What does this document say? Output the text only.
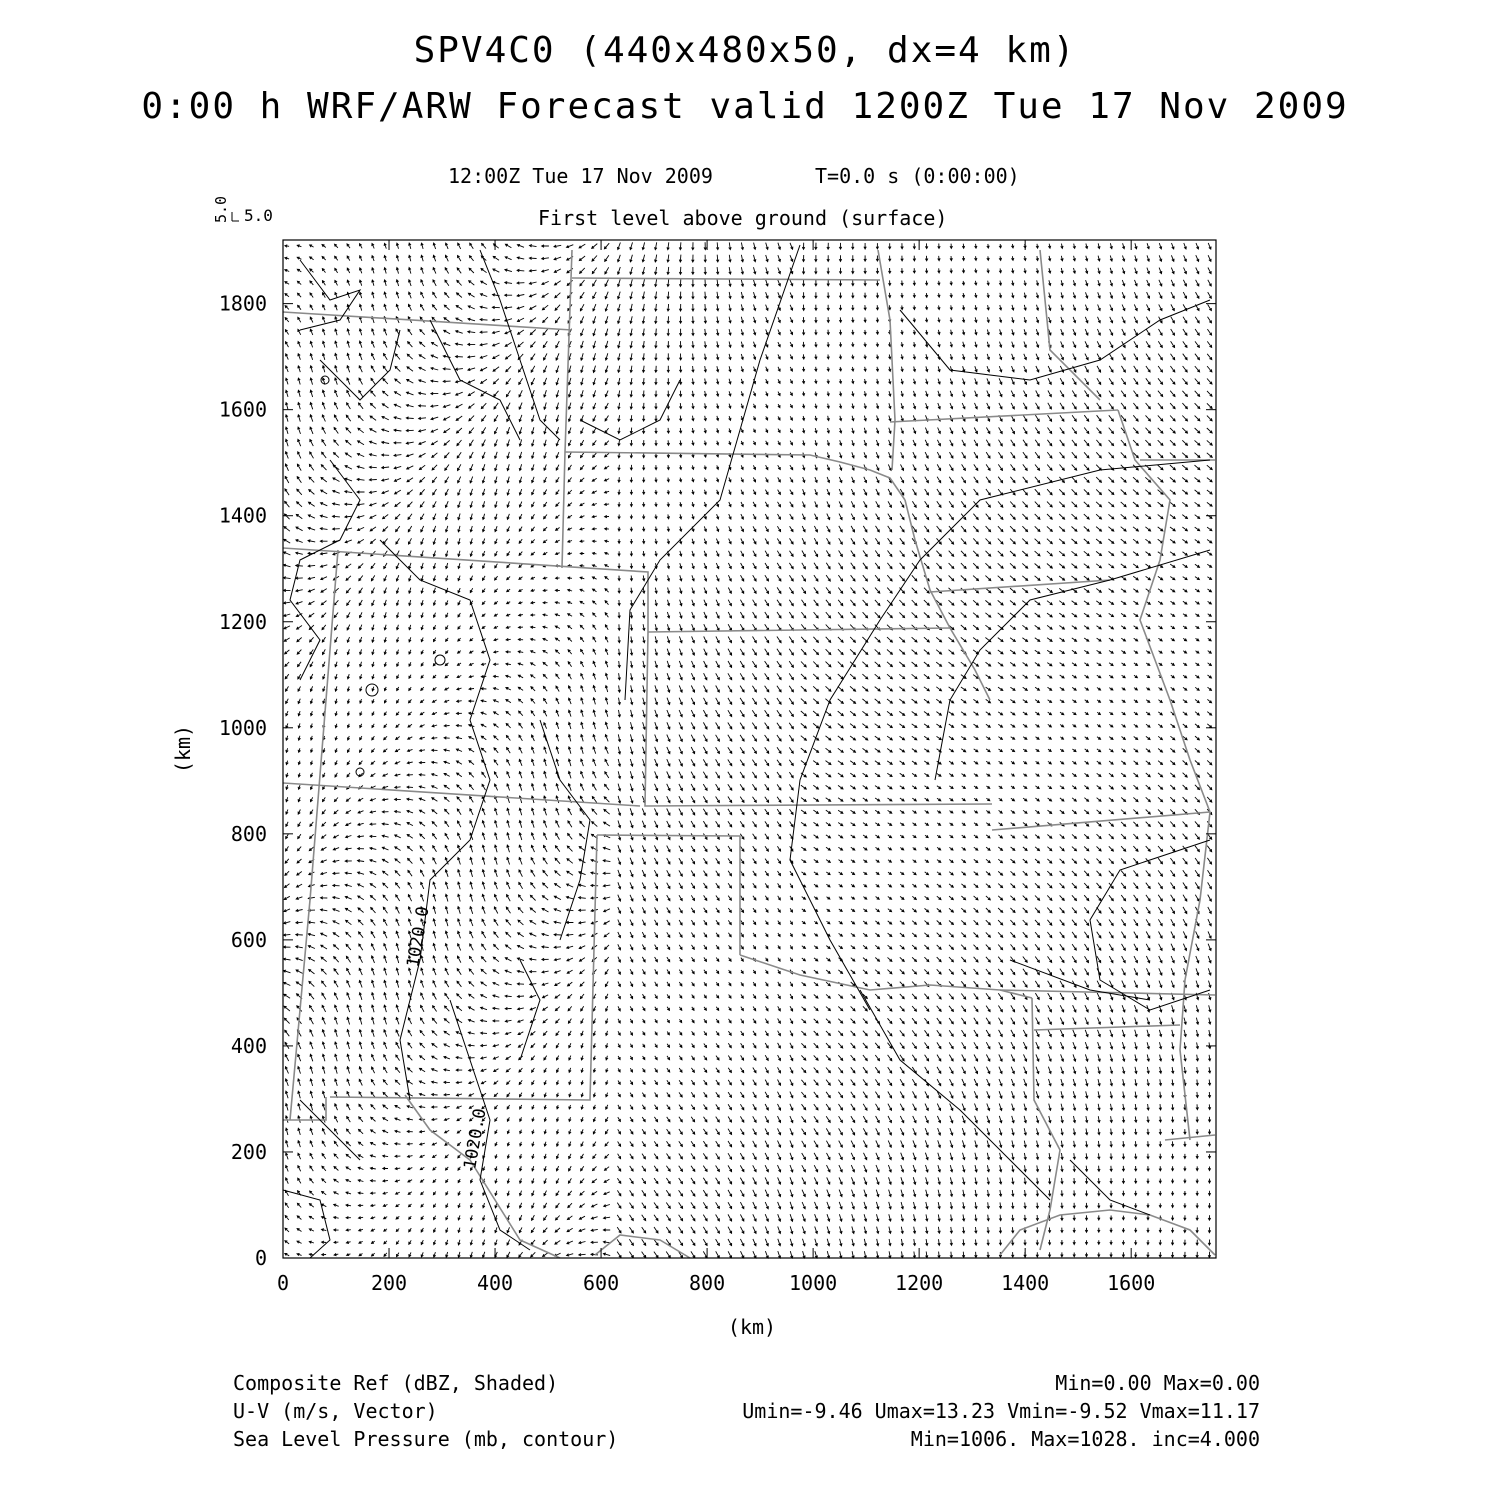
SPV4C0 (440x480x50, dx=4 km)
0:00 h WRF/ARW Forecast valid 1200Z Tue 17 Nov 2009
12:00Z Tue 17 Nov 2009	T=0.0 s (0:00:00)
First level above ground (surface)
5.0 5.0
1020.0
1020.0
0	200	400	600	800	1000	1200	1400	1600
0
200
400
600
800
1000
1200
1400
1600
1800
(km)
(km)
Composite Ref (dBZ, Shaded)	Min=0.00 Max=0.00
U-V (m/s, Vector)	Umin=-9.46 Umax=13.23 Vmin=-9.52 Vmax=11.17
Sea Level Pressure (mb, contour)	Min=1006. Max=1028. inc=4.000
